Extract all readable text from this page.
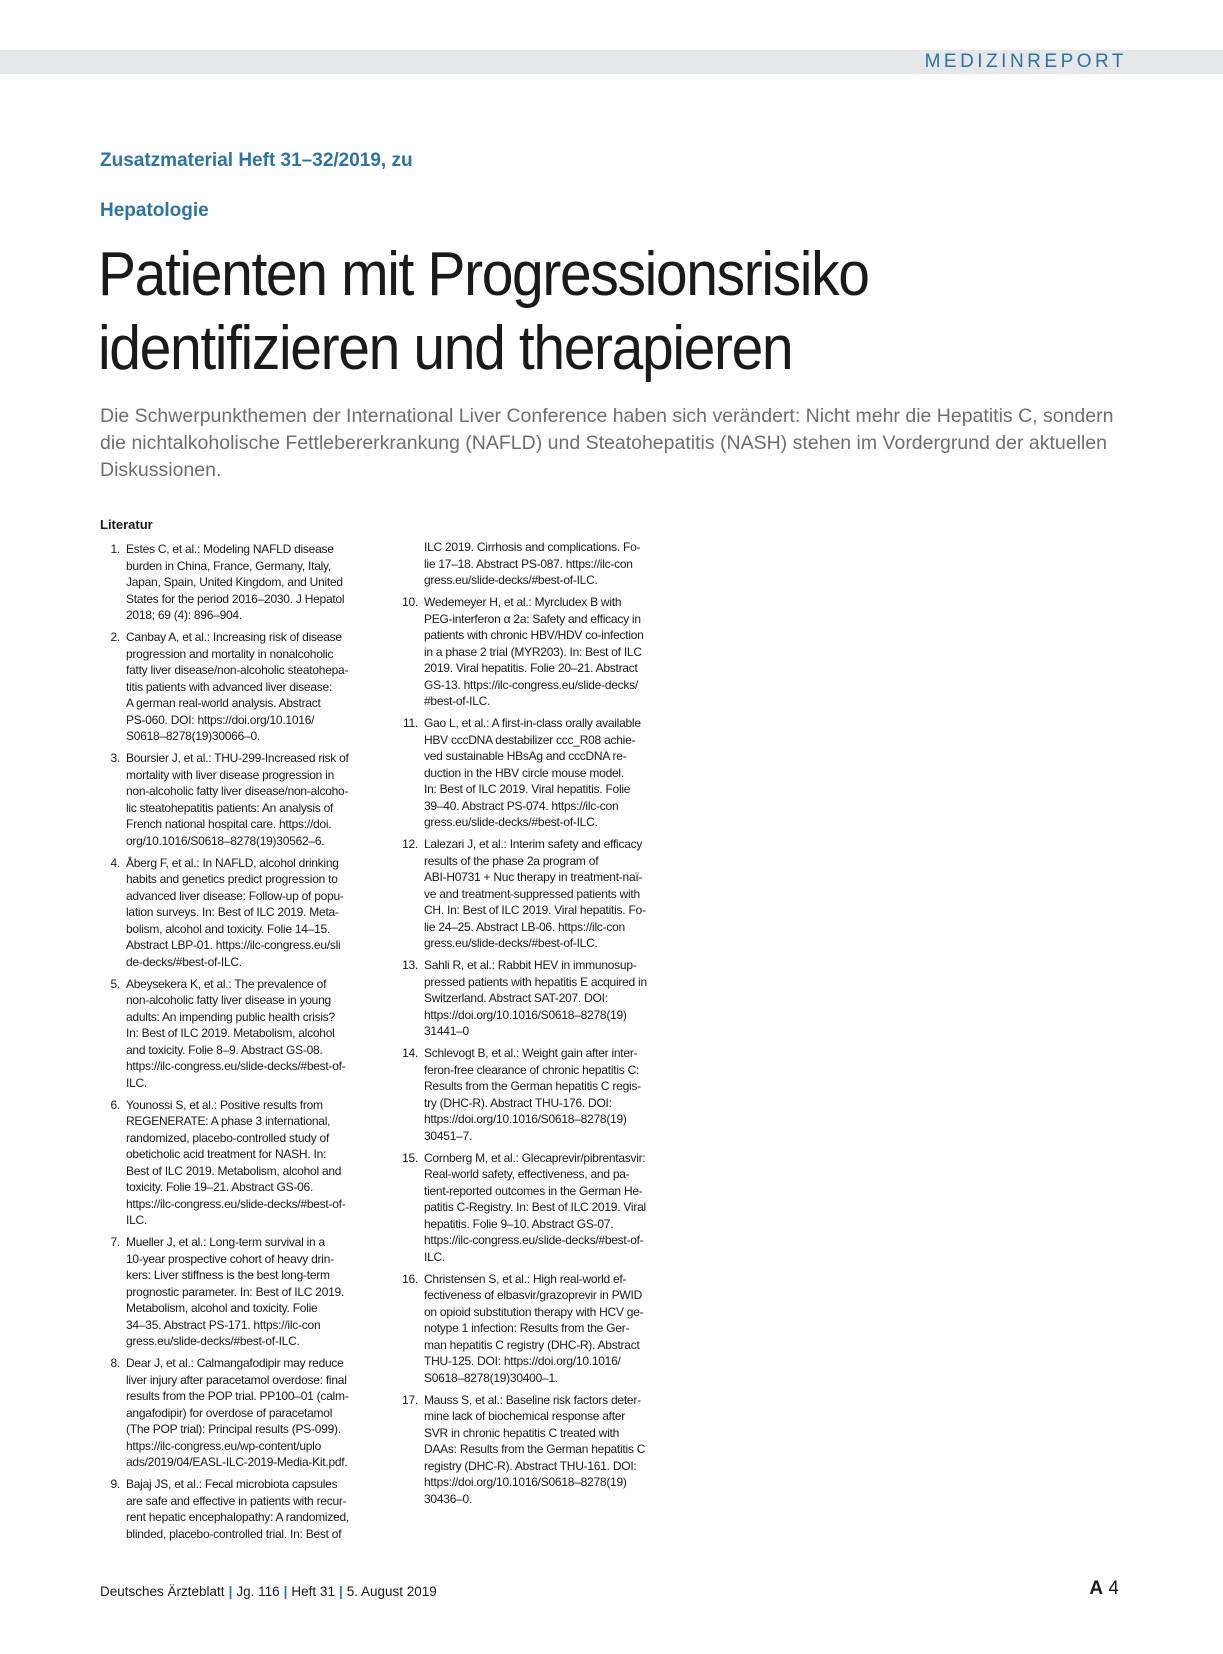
MEDIZINREPORT
Zusatzmaterial Heft 31–32/2019, zu
Hepatologie
Patienten mit Progressionsrisiko
identifizieren und therapieren

Die Schwerpunkthemen der International Liver Conference haben sich verändert: Nicht mehr die Hepatitis C, sondern die nichtalkoholische Fettlebererkrankung (NAFLD) und Steatohepatitis (NASH) stehen im Vordergrund der aktuellen Diskussionen.

Literatur
1. Estes C, et al.: Modeling NAFLD disease
burden in China, France, Germany, Italy,
Japan, Spain, United Kingdom, and United
States for the period 2016–2030. J Hepatol
2018; 69 (4): 896–904.
2. Canbay A, et al.: Increasing risk of disease
progression and mortality in nonalcoholic
fatty liver disease/non-alcoholic steatohepa-
titis patients with advanced liver disease:
A german real-world analysis. Abstract
PS-060. DOI: https://doi.org/10.1016/
S0618–8278(19)30066–0.
3. Boursier J, et al.: THU-299-Increased risk of
mortality with liver disease progression in
non-alcoholic fatty liver disease/non-alcoho-
lic steatohepatitis patients: An analysis of
French national hospital care. https://doi.
org/10.1016/S0618–8278(19)30562–6.
4. Åberg F, et al.: In NAFLD, alcohol drinking
habits and genetics predict progression to
advanced liver disease: Follow-up of popu-
lation surveys. In: Best of ILC 2019. Meta-
bolism, alcohol and toxicity. Folie 14–15.
Abstract LBP-01. https://ilc-congress.eu/sli
de-decks/#best-of-ILC.
5. Abeysekera K, et al.: The prevalence of
non-alcoholic fatty liver disease in young
adults: An impending public health crisis?
In: Best of ILC 2019. Metabolism, alcohol
and toxicity. Folie 8–9. Abstract GS-08.
https://ilc-congress.eu/slide-decks/#best-of-
ILC.
6. Younossi S, et al.: Positive results from
REGENERATE: A phase 3 international,
randomized, placebo-controlled study of
obeticholic acid treatment for NASH. In:
Best of ILC 2019. Metabolism, alcohol and
toxicity. Folie 19–21. Abstract GS-06.
https://ilc-congress.eu/slide-decks/#best-of-
ILC.
7. Mueller J, et al.: Long-term survival in a
10-year prospective cohort of heavy drin-
kers: Liver stiffness is the best long-term
prognostic parameter. In: Best of ILC 2019.
Metabolism, alcohol and toxicity. Folie
34–35. Abstract PS-171. https://ilc-con
gress.eu/slide-decks/#best-of-ILC.
8. Dear J, et al.: Calmangafodipir may reduce
liver injury after paracetamol overdose: final
results from the POP trial. PP100–01 (calm-
angafodipir) for overdose of paracetamol
(The POP trial): Principal results (PS-099).
https://ilc-congress.eu/wp-content/uplo
ads/2019/04/EASL-ILC-2019-Media-Kit.pdf.
9. Bajaj JS, et al.: Fecal microbiota capsules
are safe and effective in patients with recur-
rent hepatic encephalopathy: A randomized,
blinded, placebo-controlled trial. In: Best of
ILC 2019. Cirrhosis and complications. Fo-
lie 17–18. Abstract PS-087. https://ilc-con
gress.eu/slide-decks/#best-of-ILC.
10. Wedemeyer H, et al.: Myrcludex B with
PEG-interferon α 2a: Safety and efficacy in
patients with chronic HBV/HDV co-infection
in a phase 2 trial (MYR203). In: Best of ILC
2019. Viral hepatitis. Folie 20–21. Abstract
GS-13. https://ilc-congress.eu/slide-decks/
#best-of-ILC.
11. Gao L, et al.: A first-in-class orally available
HBV cccDNA destabilizer ccc_R08 achie-
ved sustainable HBsAg and cccDNA re-
duction in the HBV circle mouse model.
In: Best of ILC 2019. Viral hepatitis. Folie
39–40. Abstract PS-074. https://ilc-con
gress.eu/slide-decks/#best-of-ILC.
12. Lalezari J, et al.: Interim safety and efficacy
results of the phase 2a program of
ABI-H0731 + Nuc therapy in treatment-naï-
ve and treatment-suppressed patients with
CH. In: Best of ILC 2019. Viral hepatitis. Fo-
lie 24–25. Abstract LB-06. https://ilc-con
gress.eu/slide-decks/#best-of-ILC.
13. Sahli R, et al.: Rabbit HEV in immunosup-
pressed patients with hepatitis E acquired in
Switzerland. Abstract SAT-207. DOI:
https://doi.org/10.1016/S0618–8278(19)
31441–0
14. Schlevogt B, et al.: Weight gain after inter-
feron-free clearance of chronic hepatitis C:
Results from the German hepatitis C regis-
try (DHC-R). Abstract THU-176. DOI:
https://doi.org/10.1016/S0618–8278(19)
30451–7.
15. Cornberg M, et al.: Glecaprevir/pibrentasvir:
Real-world safety, effectiveness, and pa-
tient-reported outcomes in the German He-
patitis C-Registry. In: Best of ILC 2019. Viral
hepatitis. Folie 9–10. Abstract GS-07.
https://ilc-congress.eu/slide-decks/#best-of-
ILC.
16. Christensen S, et al.: High real-world ef-
fectiveness of elbasvir/grazoprevir in PWID
on opioid substitution therapy with HCV ge-
notype 1 infection: Results from the Ger-
man hepatitis C registry (DHC-R). Abstract
THU-125. DOI: https://doi.org/10.1016/
S0618–8278(19)30400–1.
17. Mauss S, et al.: Baseline risk factors deter-
mine lack of biochemical response after
SVR in chronic hepatitis C treated with
DAAs: Results from the German hepatitis C
registry (DHC-R). Abstract THU-161. DOI:
https://doi.org/10.1016/S0618–8278(19)
30436–0.
Deutsches Ärzteblatt | Jg. 116 | Heft 31 | 5. August 2019	A 4
